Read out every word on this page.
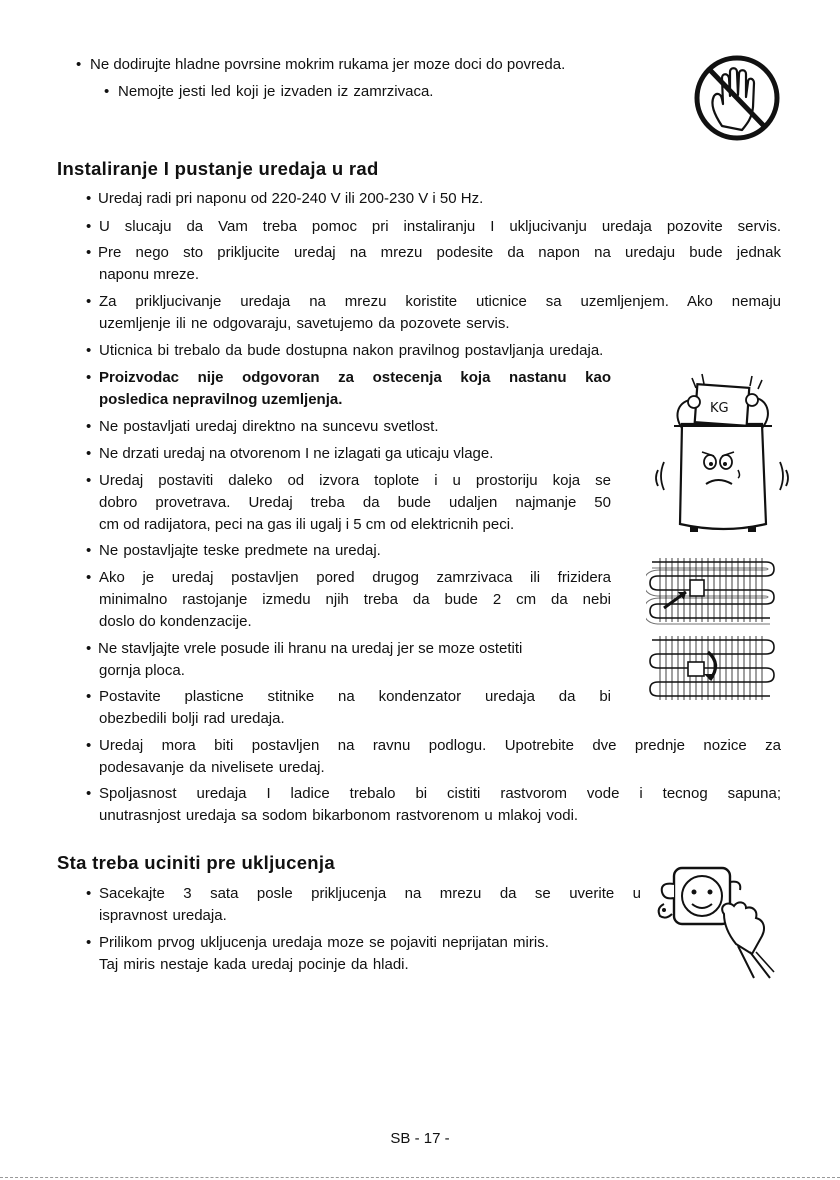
• Ne dodirujte hladne povrsine mokrim rukama jer moze doci do povreda.
• Nemojte jesti led koji je izvaden iz zamrzivaca.
Instaliranje I pustanje uredaja u rad
• Uredaj radi pri naponu od 220-240 V ili 200-230 V i 50 Hz.
• U slucaju da Vam treba pomoc pri instaliranju I ukljucivanju uredaja pozovite servis.
• Pre nego sto prikljucite uredaj na mrezu podesite da napon na uredaju bude jednak
naponu mreze.
• Za prikljucivanje uredaja na mrezu koristite uticnice sa uzemljenjem. Ako nemaju
uzemljenje ili ne odgovaraju, savetujemo da pozovete servis.
• Uticnica bi trebalo da bude dostupna nakon pravilnog postavljanja uredaja.
• Proizvodac nije odgovoran za ostecenja koja nastanu kao
posledica nepravilnog uzemljenja.
• Ne postavljati uredaj direktno na suncevu svetlost.
• Ne drzati uredaj na otvorenom I ne izlagati ga uticaju vlage.
• Uredaj postaviti daleko od izvora toplote i u prostoriju koja se
dobro provetrava. Uredaj treba da bude udaljen najmanje 50
cm od radijatora, peci na gas ili ugalj i 5 cm od elektricnih peci.
• Ne postavljajte teske predmete na uredaj.
• Ako je uredaj postavljen pored drugog zamrzivaca ili frizidera
minimalno rastojanje izmedu njih treba da bude 2 cm da nebi
doslo do kondenzacije.
• Ne stavljajte vrele posude ili hranu na uredaj jer se moze ostetiti
gornja ploca.
• Postavite plasticne stitnike na kondenzator uredaja da bi
obezbedili bolji rad uredaja.
• Uredaj mora biti postavljen na ravnu podlogu. Upotrebite dve prednje nozice za
podesavanje da nivelisete uredaj.
• Spoljasnost uredaja I ladice trebalo bi cistiti rastvorom vode i tecnog sapuna;
unutrasnjost uredaja sa sodom bikarbonom rastvorenom u mlakoj vodi.
KG
Sta treba uciniti pre ukljucenja
• Sacekajte 3 sata posle prikljucenja na mrezu da se uverite u
ispravnost uredaja.
• Prilikom prvog ukljucenja uredaja moze se pojaviti neprijatan miris.
Taj miris nestaje kada uredaj pocinje da hladi.
SB - 17 -
